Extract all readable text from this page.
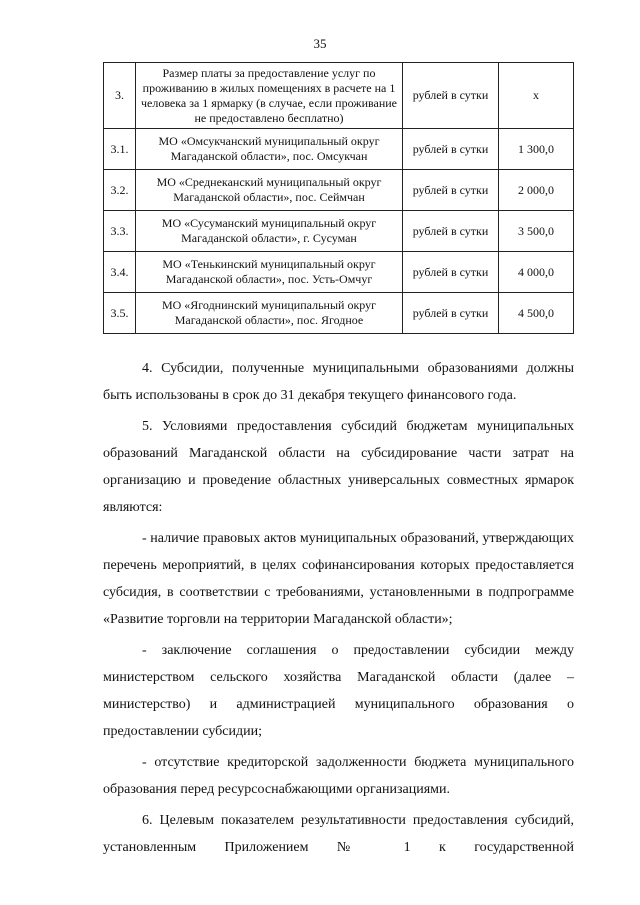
35
3.	Размер платы за предоставление услуг по проживанию в жилых помещениях в расчете на 1 человека за 1 ярмарку (в случае, если проживание не предоставлено бесплатно)	рублей в сутки	x
3.1.	МО «Омсукчанский муниципальный округ Магаданской области», пос. Омсукчан	рублей в сутки	1 300,0
3.2.	МО «Среднеканский муниципальный округ Магаданской области», пос. Сеймчан	рублей в сутки	2 000,0
3.3.	МО «Сусуманский муниципальный округ Магаданской области», г. Сусуман	рублей в сутки	3 500,0
3.4.	МО «Тенькинский муниципальный округ Магаданской области», пос. Усть-Омчуг	рублей в сутки	4 000,0
3.5.	МО «Ягоднинский муниципальный округ Магаданской области», пос. Ягодное	рублей в сутки	4 500,0

4. Субсидии, полученные муниципальными образованиями должны быть использованы в срок до 31 декабря текущего финансового года.

5. Условиями предоставления субсидий бюджетам муниципальных образований Магаданской области на субсидирование части затрат на организацию и проведение областных универсальных совместных ярмарок являются:

- наличие правовых актов муниципальных образований, утверждающих перечень мероприятий, в целях софинансирования которых предоставляется субсидия, в соответствии с требованиями, установленными в подпрограмме «Развитие торговли на территории Магаданской области»;

- заключение соглашения о предоставлении субсидии между министерством сельского хозяйства Магаданской области (далее – министерство) и администрацией муниципального образования о предоставлении субсидии;

- отсутствие кредиторской задолженности бюджета муниципального образования перед ресурсоснабжающими организациями.

6. Целевым показателем результативности предоставления субсидий, установленным Приложением № 1 к государственной
